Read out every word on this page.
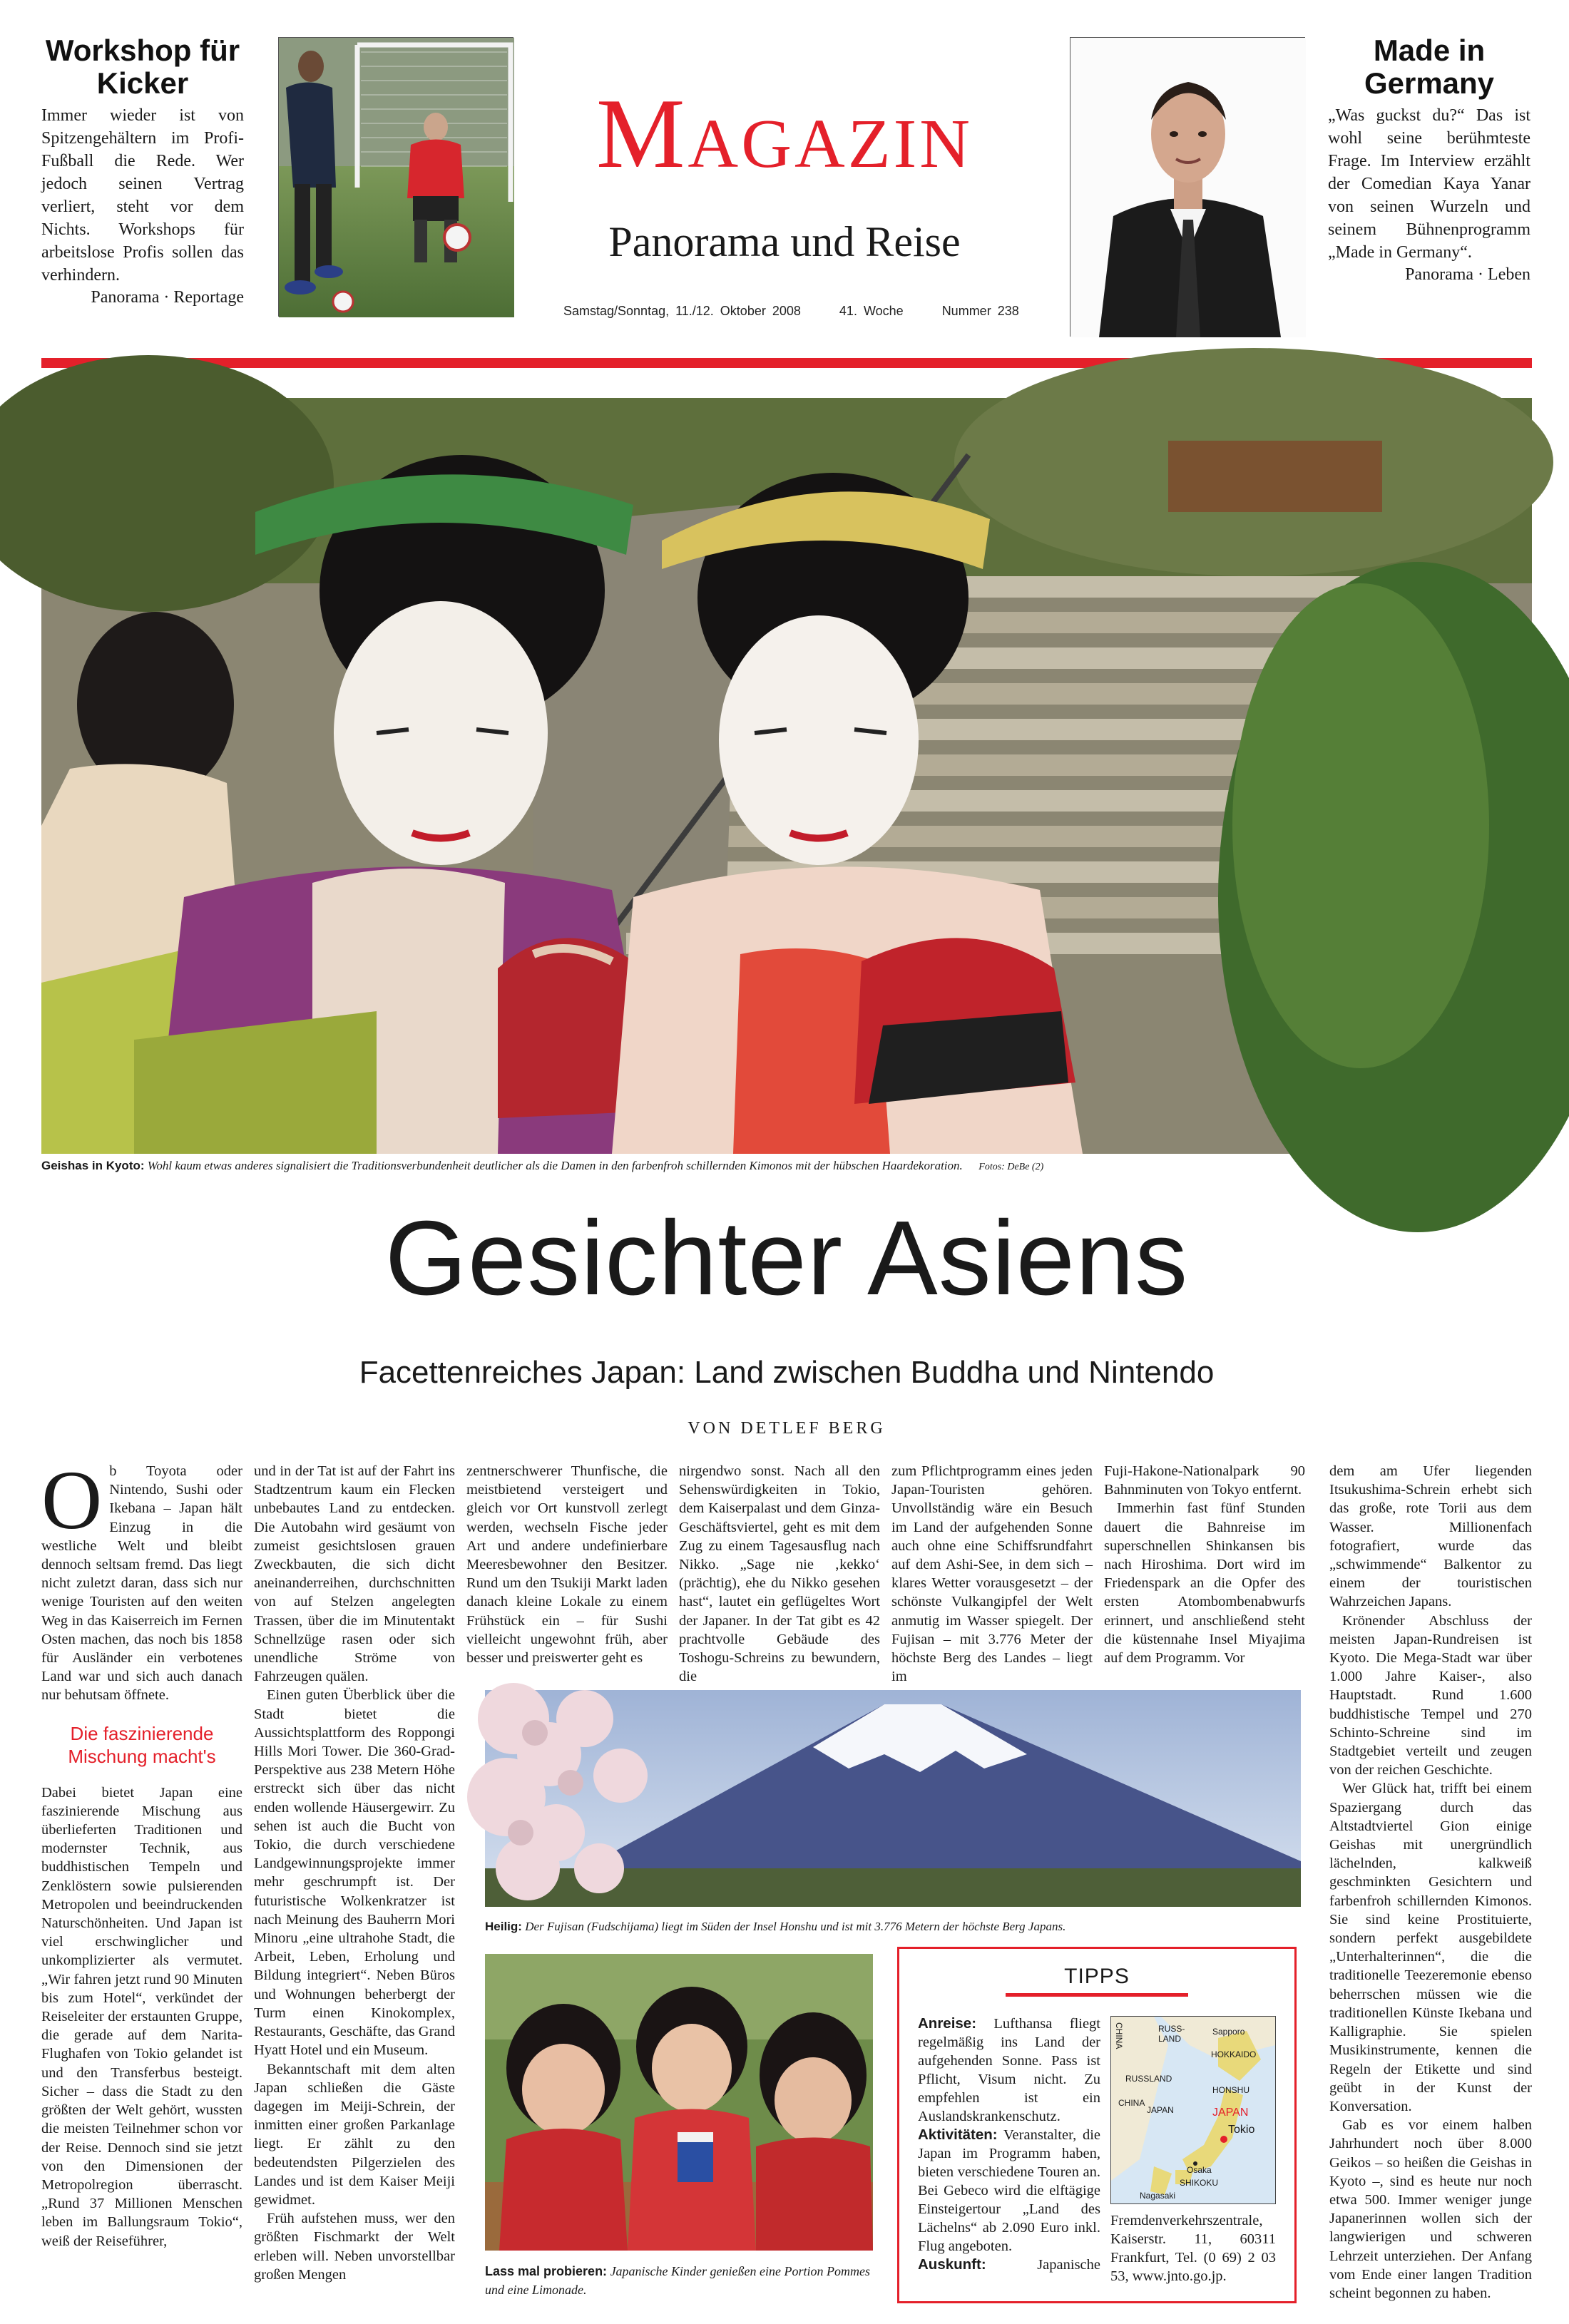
Workshop für Kicker
Immer wieder ist von Spitzengehältern im Profi-Fußball die Rede. Wer jedoch seinen Vertrag verliert, steht vor dem Nichts. Workshops für arbeitslose Profis sollen das verhindern.
Panorama · Reportage
Magazin
Panorama und Reise
Samstag/Sonntag, 11./12. Oktober 2008	41. Woche	Nummer 238
Made in Germany
„Was guckst du?“ Das ist wohl seine berühmteste Frage. Im Interview erzählt der Comedian Kaya Yanar von seinen Wurzeln und seinem Bühnenprogramm „Made in Germany“.
Panorama · Leben
Geishas in Kyoto: Wohl kaum etwas anderes signalisiert die Traditionsverbundenheit deutlicher als die Damen in den farbenfroh schillernden Kimonos mit der hübschen Haardekoration. Fotos: DeBe (2)
Gesichter Asiens
Facettenreiches Japan: Land zwischen Buddha und Nintendo
VON DETLEF BERG
O b Toyota oder Nintendo, Sushi oder Ikebana – Japan hält Einzug in die westliche Welt und bleibt dennoch seltsam fremd. Das liegt nicht zuletzt daran, dass sich nur wenige Touristen auf den weiten Weg in das Kaiserreich im Fernen Osten machen, das noch bis 1858 für Ausländer ein verbotenes Land war und sich auch danach nur behutsam öffnete.

Die faszinierende Mischung macht's

Dabei bietet Japan eine faszinierende Mischung aus überlieferten Traditionen und modernster Technik, aus buddhistischen Tempeln und Zenklöstern sowie pulsierenden Metropolen und beeindruckenden Naturschönheiten. Und Japan ist viel erschwinglicher und unkomplizierter als vermutet. „Wir fahren jetzt rund 90 Minuten bis zum Hotel“, verkündet der Reiseleiter der erstaunten Gruppe, die gerade auf dem Narita-Flughafen von Tokio gelandet ist und den Transferbus besteigt. Sicher – dass die Stadt zu den größten der Welt gehört, wussten die meisten Teilnehmer schon vor der Reise. Dennoch sind sie jetzt von den Dimensionen der Metropolregion überrascht. „Rund 37 Millionen Menschen leben im Ballungsraum Tokio“, weiß der Reiseführer,

und in der Tat ist auf der Fahrt ins Stadtzentrum kaum ein Flecken unbebautes Land zu entdecken. Die Autobahn wird gesäumt von zumeist gesichtslosen grauen Zweckbauten, die sich dicht aneinanderreihen, durchschnitten von auf Stelzen angelegten Trassen, über die im Minutentakt Schnellzüge rasen oder sich unendliche Ströme von Fahrzeugen quälen.

Einen guten Überblick über die Stadt bietet die Aussichtsplattform des Roppongi Hills Mori Tower. Die 360-Grad-Perspektive aus 238 Metern Höhe erstreckt sich über das nicht enden wollende Häusergewirr. Zu sehen ist auch die Bucht von Tokio, die durch verschiedene Landgewinnungsprojekte immer mehr geschrumpft ist. Der futuristische Wolkenkratzer ist nach Meinung des Bauherrn Mori Minoru „eine ultrahohe Stadt, die Arbeit, Leben, Erholung und Bildung integriert“. Neben Büros und Wohnungen beherbergt der Turm einen Kinokomplex, Restaurants, Geschäfte, das Grand Hyatt Hotel und ein Museum.

Bekanntschaft mit dem alten Japan schließen die Gäste dagegen im Meiji-Schrein, der inmitten einer großen Parkanlage liegt. Er zählt zu den bedeutendsten Pilgerzielen des Landes und ist dem Kaiser Meiji gewidmet.

Früh aufstehen muss, wer den größten Fischmarkt der Welt erleben will. Neben unvorstellbar großen Mengen

zentnerschwerer Thunfische, die meistbietend versteigert und gleich vor Ort kunstvoll zerlegt werden, wechseln Fische jeder Art und andere undefinierbare Meeresbewohner den Besitzer. Rund um den Tsukiji Markt laden danach kleine Lokale zu einem Frühstück ein – für Sushi vielleicht ungewohnt früh, aber besser und preiswerter geht es

nirgendwo sonst. Nach all den Sehenswürdigkeiten in Tokio, dem Kaiserpalast und dem Ginza-Geschäftsviertel, geht es mit dem Zug zu einem Tagesausflug nach Nikko. „Sage nie ‚kekko‘ (prächtig), ehe du Nikko gesehen hast“, lautet ein geflügeltes Wort der Japaner. In der Tat gibt es 42 prachtvolle Gebäude des Toshogu-Schreins zu bewundern, die

zum Pflichtprogramm eines jeden Japan-Touristen gehören. Unvollständig wäre ein Besuch im Land der aufgehenden Sonne auch ohne eine Schiffsrundfahrt auf dem Ashi-See, in dem sich – klares Wetter vorausgesetzt – der schönste Vulkangipfel der Welt anmutig im Wasser spiegelt. Der Fujisan – mit 3.776 Meter der höchste Berg des Landes – liegt im

Fuji-Hakone-Nationalpark 90 Bahnminuten von Tokyo entfernt.

Immerhin fast fünf Stunden dauert die Bahnreise im superschnellen Shinkansen bis nach Hiroshima. Dort wird im Friedenspark an die Opfer des ersten Atombombenabwurfs erinnert, und anschließend steht die küstennahe Insel Miyajima auf dem Programm. Vor

dem am Ufer liegenden Itsukushima-Schrein erhebt sich das große, rote Torii aus dem Wasser. Millionenfach fotografiert, wurde das „schwimmende“ Balkentor zu einem der touristischen Wahrzeichen Japans.

Krönender Abschluss der meisten Japan-Rundreisen ist Kyoto. Die Mega-Stadt war über 1.000 Jahre Kaiser-, also Hauptstadt. Rund 1.600 buddhistische Tempel und 270 Schinto-Schreine sind im Stadtgebiet verteilt und zeugen von der reichen Geschichte.

Wer Glück hat, trifft bei einem Spaziergang durch das Altstadtviertel Gion einige Geishas mit unergründlich lächelnden, kalkweiß geschminkten Gesichtern und farbenfroh schillernden Kimonos. Sie sind keine Prostituierte, sondern perfekt ausgebildete „Unterhalterinnen“, die die traditionelle Teezeremonie ebenso beherrschen müssen wie die traditionellen Künste Ikebana und Kalligraphie. Sie spielen Musikinstrumente, kennen die Regeln der Etikette und sind geübt in der Kunst der Konversation.

Gab es vor einem halben Jahrhundert noch über 8.000 Geikos – so heißen die Geishas in Kyoto –, sind es heute nur noch etwa 500. Immer weniger junge Japanerinnen wollen sich der langwierigen und schweren Lehrzeit unterziehen. Der Anfang vom Ende einer langen Tradition scheint begonnen zu haben.

Heilig: Der Fujisan (Fudschijama) liegt im Süden der Insel Honshu und ist mit 3.776 Metern der höchste Berg Japans.
Lass mal probieren: Japanische Kinder genießen eine Portion Pommes und eine Limonade.
TIPPS

Anreise: Lufthansa fliegt regelmäßig ins Land der aufgehenden Sonne. Pass ist Pflicht, Visum nicht. Zu empfehlen ist ein Auslandskrankenschutz.

Aktivitäten: Veranstalter, die Japan im Programm haben, bieten verschiedene Touren an. Bei Gebeco wird die elftägige Einsteigertour „Land des Lächelns“ ab 2.090 Euro inkl. Flug angeboten.

Auskunft:	Japanische

CHINA	RUSS-LAND
Sapporo
HOKKAIDO
RUSSLAND
HONSHU
CHINA
JAPAN	JAPAN
Tokio
Osaka
SHIKOKU
Nagasaki
Fremdenverkehrszentrale, Kaiserstr. 11, 60311 Frankfurt, Tel. (0 69) 2 03 53, www.jnto.go.jp.
